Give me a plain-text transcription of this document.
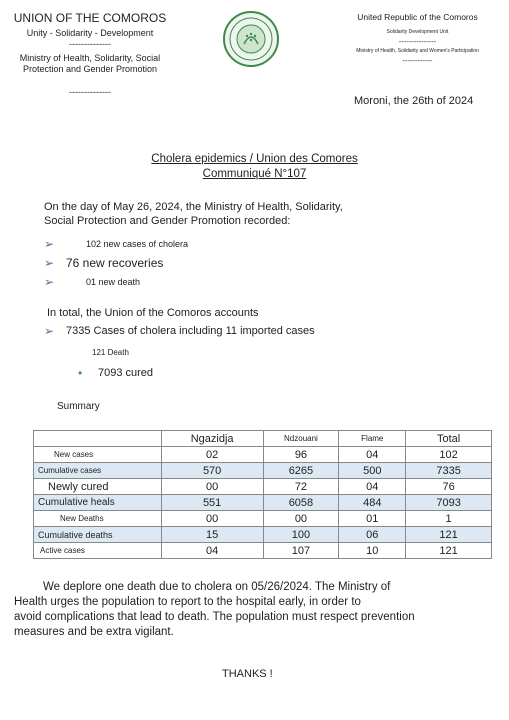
UNION OF THE COMOROS
Unity - Solidarity - Development
--------------
Ministry of Health, Solidarity, Social
Protection and Gender Promotion
--------------
United Republic of the Comoros
Solidarity Development Unit
---------------
Ministry of Health, Solidarity and Women's Participation
------------
Moroni, the 26th of 2024
Cholera epidemics / Union des Comores
Communiqué N°107
On the day of May 26, 2024, the Ministry of Health, Solidarity,
Social Protection and Gender Promotion recorded:
➢	102 new cases of cholera
➢ 76 new recoveries
➢	01 new death
In total, the Union of the Comoros accounts
➢	7335 Cases of cholera including 11 imported cases
121 Death
•	7093 cured
Summary
	Ngazidja	Ndzouani	Flame	Total
New cases	02	96	04	102
Cumulative cases	570	6265	500	7335
Newly cured	00	72	04	76
Cumulative heals	551	6058	484	7093
New Deaths	00	00	01	1
Cumulative deaths	15	100	06	121
Active cases	04	107	10	121
We deplore one death due to cholera on 05/26/2024. The Ministry of
Health urges the population to report to the hospital early, in order to
avoid complications that lead to death. The population must respect prevention
measures and be extra vigilant.
THANKS !
